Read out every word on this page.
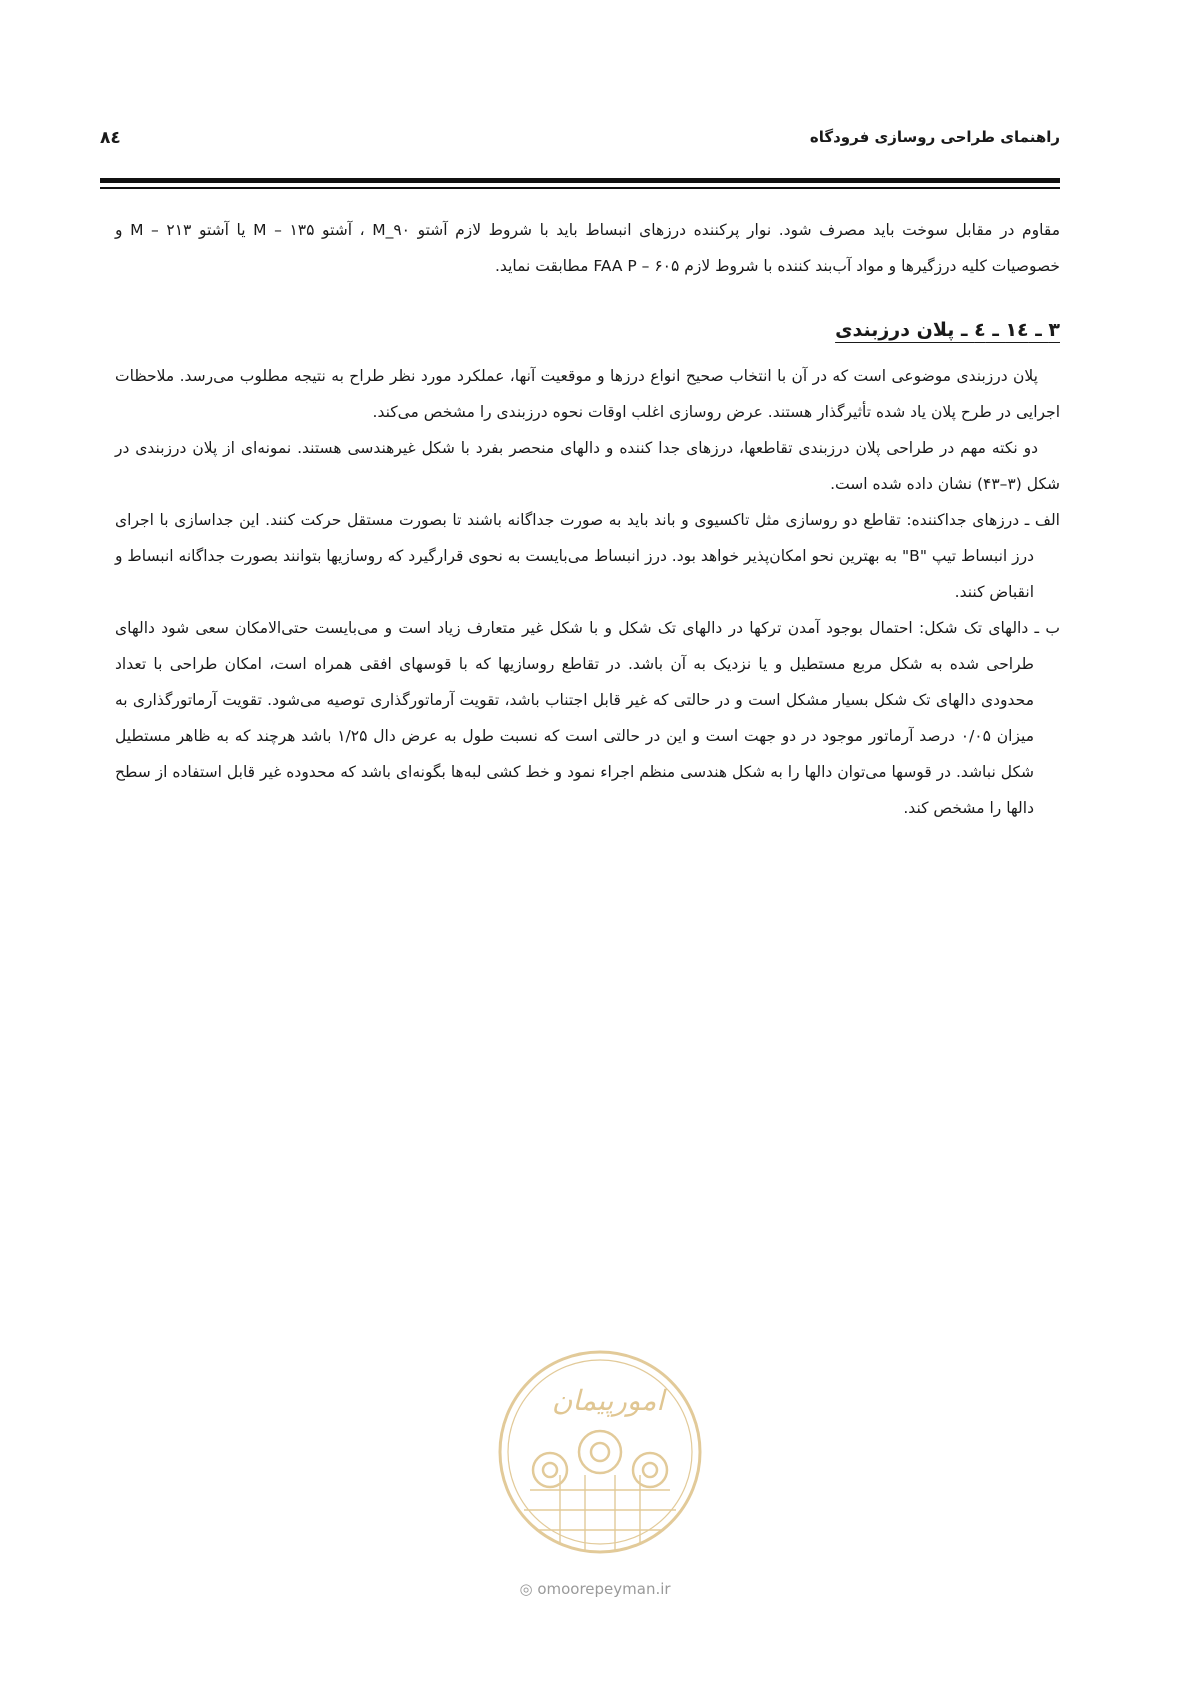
راهنمای طراحی روسازی فرودگاه
۸٤

مقاوم در مقابل سوخت باید مصرف شود. نوار پرکننده درزهای انبساط باید با شروط لازم آشتو M_۹۰ ، آشتو ۱۳۵ – M یا آشتو ۲۱۳ – M و خصوصیات کلیه درزگیرها و مواد آب‌بند کننده با شروط لازم FAA P – ۶۰۵ مطابقت نماید.

۳ ـ ۱٤ ـ ٤ ـ پلان درزبندی

پلان درزبندی موضوعی است که در آن با انتخاب صحیح انواع درزها و موقعیت آنها، عملکرد مورد نظر طراح به نتیجه مطلوب می‌رسد. ملاحظات اجرایی در طرح پلان یاد شده تأثیرگذار هستند. عرض روسازی اغلب اوقات نحوه درزبندی را مشخص می‌کند.

دو نکته مهم در طراحی پلان درزبندی تقاطعها، درزهای جدا کننده و دالهای منحصر بفرد با شکل غیرهندسی هستند. نمونه‌ای از پلان درزبندی در شکل (۳–۴۳) نشان داده شده است.

الف ـ درزهای جداکننده: تقاطع دو روسازی مثل تاکسیوی و باند باید به صورت جداگانه باشند تا بصورت مستقل حرکت کنند. این جداسازی با اجرای درز انبساط تیپ "B" به بهترین نحو امکان‌پذیر خواهد بود. درز انبساط می‌بایست به نحوی قرارگیرد که روسازیها بتوانند بصورت جداگانه انبساط و انقباض کنند.

ب ـ دالهای تک شکل: احتمال بوجود آمدن ترکها در دالهای تک شکل و با شکل غیر متعارف زیاد است و می‌بایست حتی‌الامکان سعی شود دالهای طراحی شده به شکل مربع مستطیل و یا نزدیک به آن باشد. در تقاطع روسازیها که با قوسهای افقی همراه است، امکان طراحی با تعداد محدودی دالهای تک شکل بسیار مشکل است و در حالتی که غیر قابل اجتناب باشد، تقویت آرماتورگذاری توصیه می‌شود. تقویت آرماتورگذاری به میزان ۰/۰۵ درصد آرماتور موجود در دو جهت است و این در حالتی است که نسبت طول به عرض دال ۱/۲۵ باشد هرچند که به ظاهر مستطیل شکل نباشد. در قوسها می‌توان دالها را به شکل هندسی منظم اجراء نمود و خط کشی لبه‌ها بگونه‌ای باشد که محدوده غیر قابل استفاده از سطح دالها را مشخص کند.

امورپیمان
◎ omoorepeyman.ir
